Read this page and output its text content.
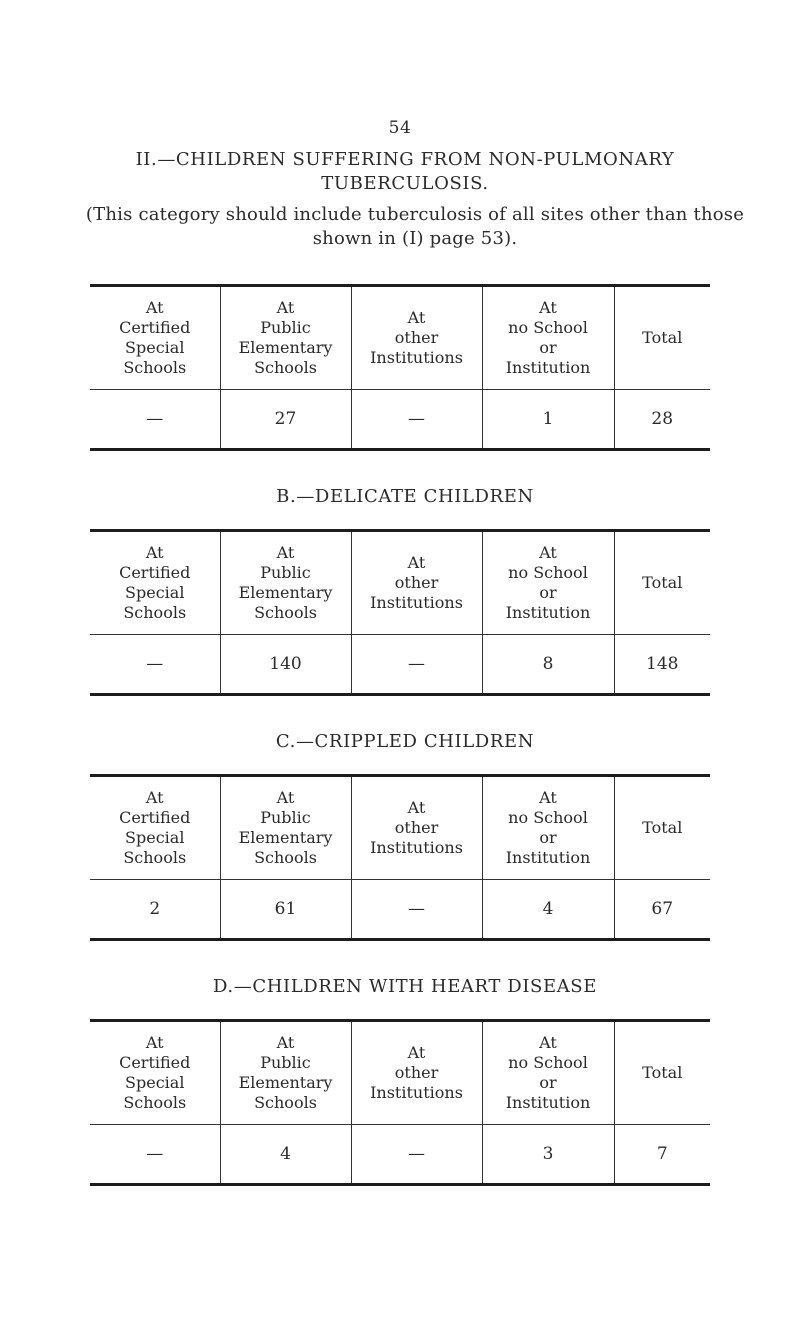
54
II.—CHILDREN SUFFERING FROM NON-PULMONARY
TUBERCULOSIS.
(This category should include tuberculosis of all sites other than those
shown in (I) page 53).
At
Certified
Special
Schools	At
Public
Elementary
Schools	At
other
Institutions	At
no School
or
Institution	Total

—	27	—	1	28
B.—DELICATE CHILDREN
At
Certified
Special
Schools	At
Public
Elementary
Schools	At
other
Institutions	At
no School
or
Institution	Total

—	140	—	8	148
C.—CRIPPLED CHILDREN
At
Certified
Special
Schools	At
Public
Elementary
Schools	At
other
Institutions	At
no School
or
Institution	Total

2	61	—	4	67
D.—CHILDREN WITH HEART DISEASE
At
Certified
Special
Schools	At
Public
Elementary
Schools	At
other
Institutions	At
no School
or
Institution	Total

—	4	—	3	7
